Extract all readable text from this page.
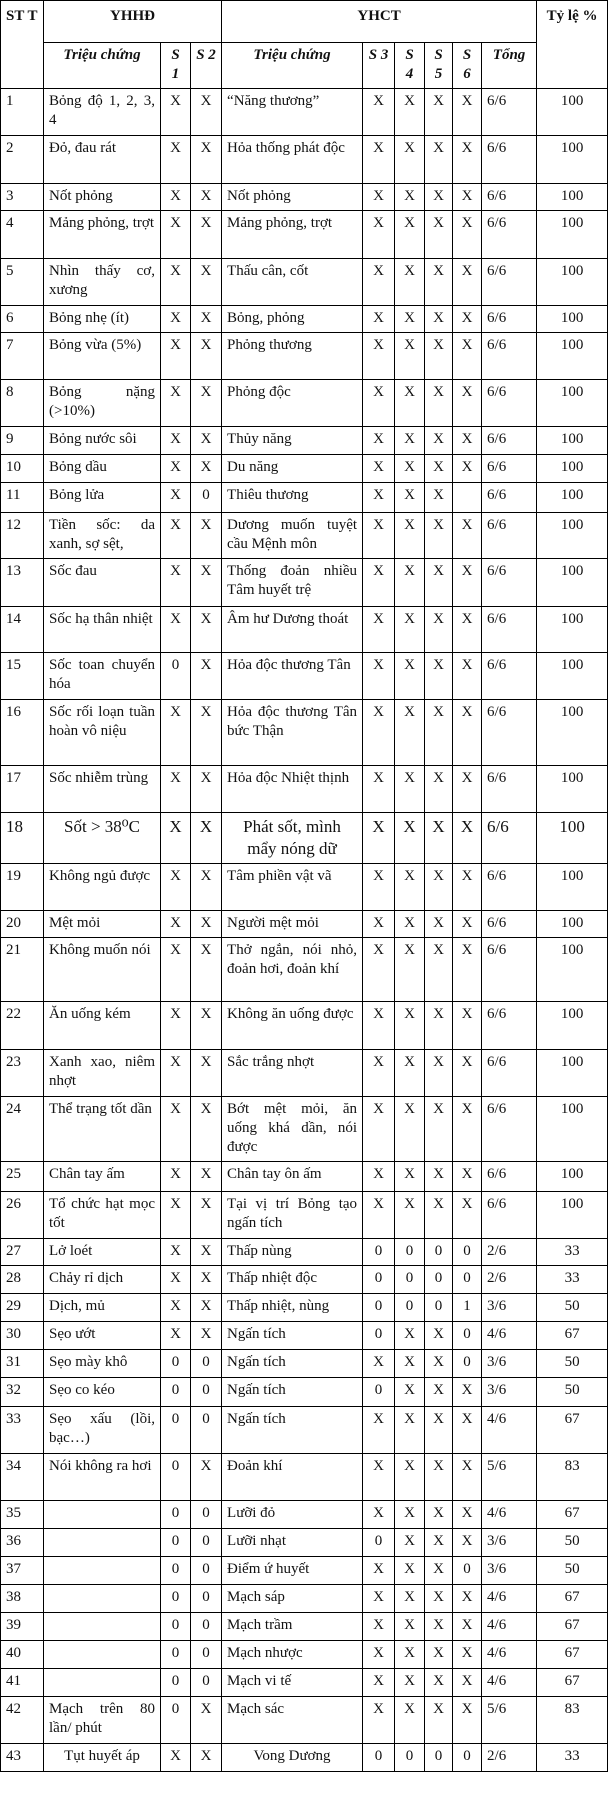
ST T	YHHĐ			YHCT						Tỷ lệ %
	Triệu chứng	S 1	S 2	Triệu chứng	S 3	S 4	S 5	S 6	Tổng	
1	Bỏng độ 1, 2, 3, 4	X	X	“Năng thương”	X	X	X	X	6/6	100
2	Đỏ, đau rát	X	X	Hỏa thống phát độc	X	X	X	X	6/6	100
3	Nốt phỏng	X	X	Nốt phỏng	X	X	X	X	6/6	100
4	Mảng phỏng, trợt	X	X	Mảng phỏng, trợt	X	X	X	X	6/6	100
5	Nhìn thấy cơ, xương	X	X	Thấu cân, cốt	X	X	X	X	6/6	100
6	Bỏng nhẹ (ít)	X	X	Bỏng, phỏng	X	X	X	X	6/6	100
7	Bỏng vừa (5%)	X	X	Phỏng thương	X	X	X	X	6/6	100
8	Bỏng nặng (>10%)	X	X	Phỏng độc	X	X	X	X	6/6	100
9	Bỏng nước sôi	X	X	Thủy năng	X	X	X	X	6/6	100
10	Bỏng dầu	X	X	Du năng	X	X	X	X	6/6	100
11	Bỏng lửa	X	0	Thiêu thương	X	X	X		6/6	100
12	Tiền sốc: da xanh, sợ sệt,	X	X	Dương muốn tuyệt cầu Mệnh môn	X	X	X	X	6/6	100
13	Sốc đau	X	X	Thống đoản nhiều Tâm huyết trệ	X	X	X	X	6/6	100
14	Sốc hạ thân nhiệt	X	X	Âm hư Dương thoát	X	X	X	X	6/6	100
15	Sốc toan chuyển hóa	0	X	Hỏa độc thương Tân	X	X	X	X	6/6	100
16	Sốc rối loạn tuần hoàn vô niệu	X	X	Hỏa độc thương Tân bức Thận	X	X	X	X	6/6	100
17	Sốc nhiễm trùng	X	X	Hỏa độc Nhiệt thịnh	X	X	X	X	6/6	100
18	Sốt > 38⁰C	X	X	Phát sốt, mình mẩy nóng dữ	X	X	X	X	6/6	100
19	Không ngủ được	X	X	Tâm phiền vật vã	X	X	X	X	6/6	100
20	Mệt mỏi	X	X	Người mệt mỏi	X	X	X	X	6/6	100
21	Không muốn nói	X	X	Thở ngắn, nói nhỏ, đoản hơi, đoản khí	X	X	X	X	6/6	100
22	Ăn uống kém	X	X	Không ăn uống được	X	X	X	X	6/6	100
23	Xanh xao, niêm nhợt	X	X	Sắc trắng nhợt	X	X	X	X	6/6	100
24	Thể trạng tốt dần	X	X	Bớt mệt mỏi, ăn uống khá dần, nói được	X	X	X	X	6/6	100
25	Chân tay ấm	X	X	Chân tay ôn ấm	X	X	X	X	6/6	100
26	Tổ chức hạt mọc tốt	X	X	Tại vị trí Bỏng tạo ngấn tích	X	X	X	X	6/6	100
27	Lở loét	X	X	Thấp nùng	0	0	0	0	2/6	33
28	Chảy rỉ dịch	X	X	Thấp nhiệt độc	0	0	0	0	2/6	33
29	Dịch, mủ	X	X	Thấp nhiệt, nùng	0	0	0	1	3/6	50
30	Sẹo ướt	X	X	Ngấn tích	0	X	X	0	4/6	67
31	Sẹo mày khô	0	0	Ngấn tích	X	X	X	0	3/6	50
32	Sẹo co kéo	0	0	Ngấn tích	0	X	X	X	3/6	50
33	Sẹo xấu (lồi, bạc…)	0	0	Ngấn tích	X	X	X	X	4/6	67
34	Nói không ra hơi	0	X	Đoản khí	X	X	X	X	5/6	83
35		0	0	Lưỡi đỏ	X	X	X	X	4/6	67
36		0	0	Lưỡi nhạt	0	X	X	X	3/6	50
37		0	0	Điểm ứ huyết	X	X	X	0	3/6	50
38		0	0	Mạch sáp	X	X	X	X	4/6	67
39		0	0	Mạch trầm	X	X	X	X	4/6	67
40		0	0	Mạch nhược	X	X	X	X	4/6	67
41		0	0	Mạch vi tế	X	X	X	X	4/6	67
42	Mạch trên 80 lần/ phút	0	X	Mạch sác	X	X	X	X	5/6	83
43	Tụt huyết áp	X	X	Vong Dương	0	0	0	0	2/6	33
